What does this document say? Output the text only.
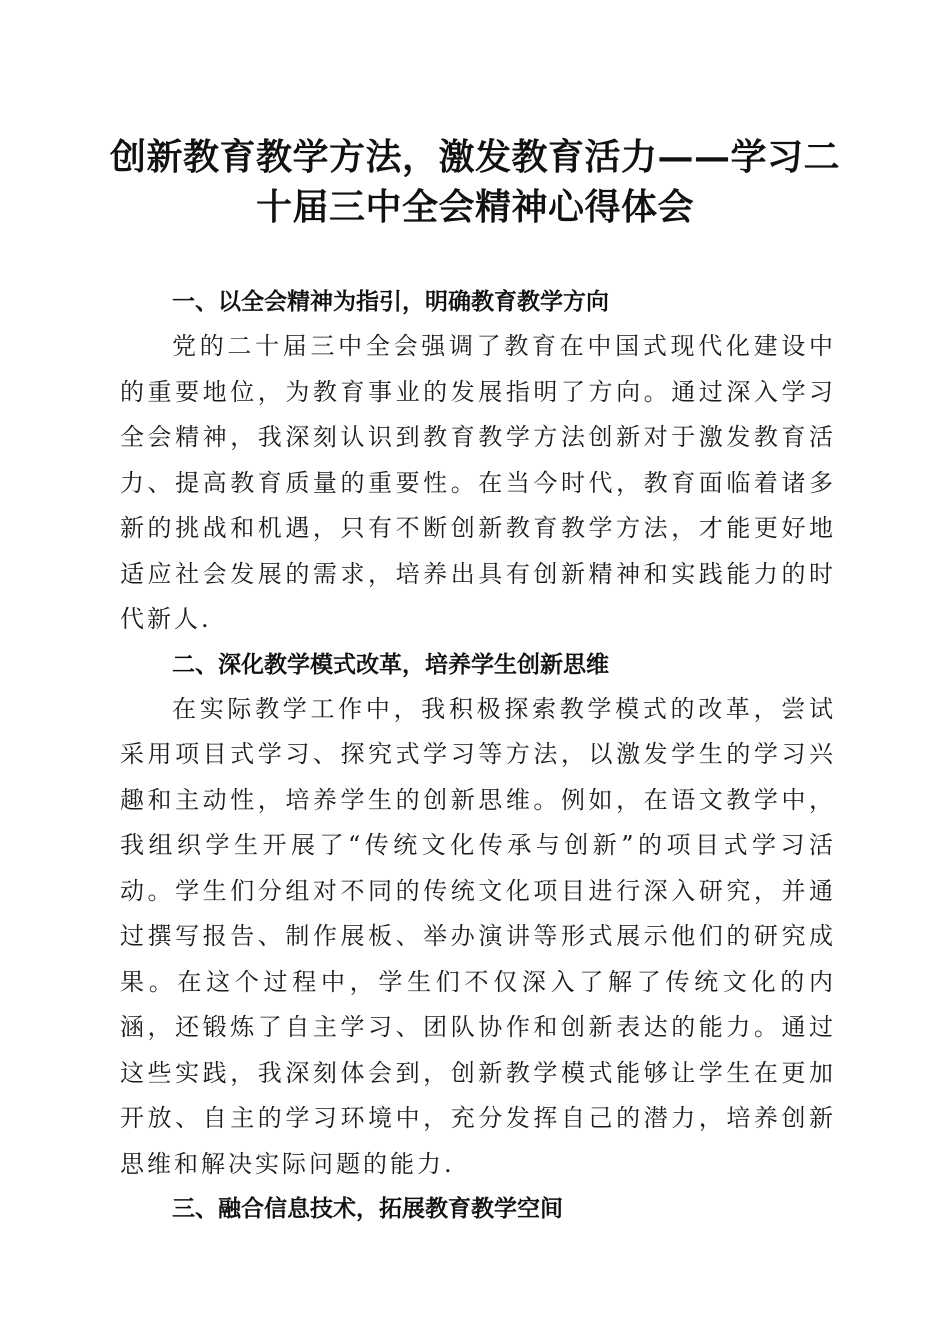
创新教育教学方法，激发教育活力——学习二十届三中全会精神心得体会
一、以全会精神为指引，明确教育教学方向

党的二十届三中全会强调了教育在中国式现代化建设中的重要地位，为教育事业的发展指明了方向。通过深入学习全会精神，我深刻认识到教育教学方法创新对于激发教育活力、提高教育质量的重要性。在当今时代，教育面临着诸多新的挑战和机遇，只有不断创新教育教学方法，才能更好地适应社会发展的需求，培养出具有创新精神和实践能力的时代新人.

二、深化教学模式改革，培养学生创新思维

在实际教学工作中，我积极探索教学模式的改革，尝试采用项目式学习、探究式学习等方法，以激发学生的学习兴趣和主动性，培养学生的创新思维。例如，在语文教学中，我组织学生开展了“传统文化传承与创新”的项目式学习活动。学生们分组对不同的传统文化项目进行深入研究，并通过撰写报告、制作展板、举办演讲等形式展示他们的研究成果。在这个过程中，学生们不仅深入了解了传统文化的内涵，还锻炼了自主学习、团队协作和创新表达的能力。通过这些实践，我深刻体会到，创新教学模式能够让学生在更加开放、自主的学习环境中，充分发挥自己的潜力，培养创新思维和解决实际问题的能力.

三、融合信息技术，拓展教育教学空间
